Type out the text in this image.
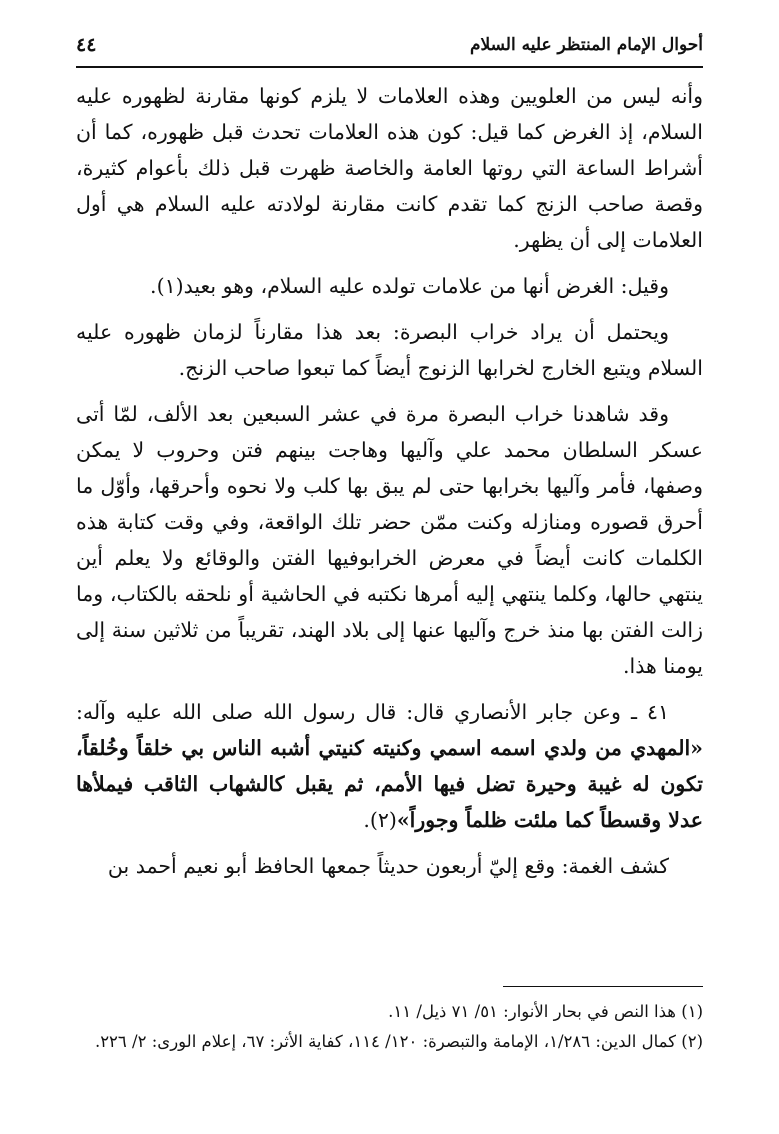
أحوال الإمام المنتظر عليه السلام
٤٤

وأنه ليس من العلويين وهذه العلامات لا يلزم كونها مقارنة لظهوره عليه السلام، إذ الغرض كما قيل: كون هذه العلامات تحدث قبل ظهوره، كما أن أشراط الساعة التي روتها العامة والخاصة ظهرت قبل ذلك بأعوام كثيرة، وقصة صاحب الزنج كما تقدم كانت مقارنة لولادته عليه السلام هي أول العلامات إلى أن يظهر.

وقيل: الغرض أنها من علامات تولده عليه السلام، وهو بعيد(١).

ويحتمل أن يراد خراب البصرة: بعد هذا مقارناً لزمان ظهوره عليه السلام ويتبع الخارج لخرابها الزنوج أيضاً كما تبعوا صاحب الزنج.

وقد شاهدنا خراب البصرة مرة في عشر السبعين بعد الألف، لمّا أتى عسكر السلطان محمد علي وآليها وهاجت بينهم فتن وحروب لا يمكن وصفها، فأمر وآليها بخرابها حتى لم يبق بها كلب ولا نحوه وأحرقها، وأوّل ما أحرق قصوره ومنازله وكنت ممّن حضر تلك الواقعة، وفي وقت كتابة هذه الكلمات كانت أيضاً في معرض الخرابوفيها الفتن والوقائع ولا يعلم أين ينتهي حالها، وكلما ينتهي إليه أمرها نكتبه في الحاشية أو نلحقه بالكتاب، وما زالت الفتن بها منذ خرج وآليها عنها إلى بلاد الهند، تقريباً من ثلاثين سنة إلى يومنا هذا.

٤١ ـ وعن جابر الأنصاري قال: قال رسول الله صلى الله عليه وآله: «المهدي من ولدي اسمه اسمي وكنيته كنيتي أشبه الناس بي خلقاً وخُلقاً، تكون له غيبة وحيرة تضل فيها الأمم، ثم يقبل كالشهاب الثاقب فيملأها عدلا وقسطاً كما ملئت ظلماً وجوراً»(٢).

كشف الغمة: وقع إليّ أربعون حديثاً جمعها الحافظ أبو نعيم أحمد بن

(١) هذا النص في بحار الأنوار: ٥١/ ٧١ ذيل/ ١١.

(٢) كمال الدين: ١/٢٨٦، الإمامة والتبصرة: ١٢٠/ ١١٤، كفاية الأثر: ٦٧، إعلام الورى: ٢/ ٢٢٦.
